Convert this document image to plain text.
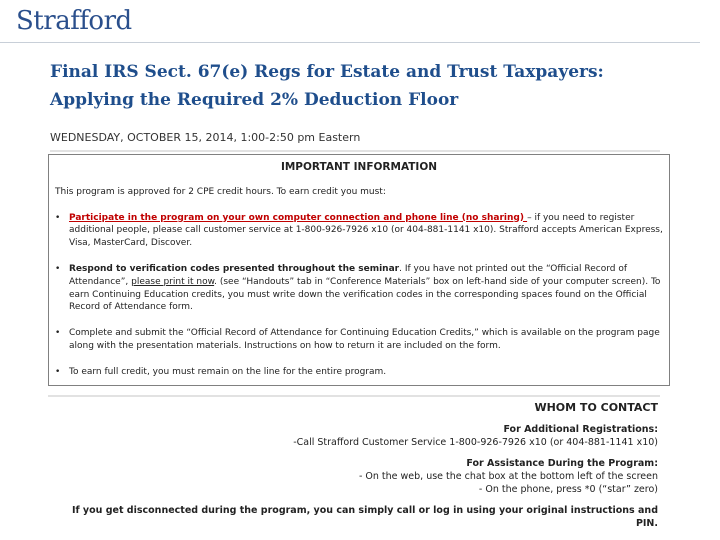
Strafford
Final IRS Sect. 67(e) Regs for Estate and Trust Taxpayers:
Applying the Required 2% Deduction Floor
WEDNESDAY, OCTOBER 15, 2014, 1:00-2:50 pm Eastern
IMPORTANT INFORMATION
This program is approved for 2 CPE credit hours. To earn credit you must:
• Participate in the program on your own computer connection and phone line (no sharing) – if you need to register additional people, please call customer service at 1-800-926-7926 x10 (or 404-881-1141 x10). Strafford accepts American Express, Visa, MasterCard, Discover.
• Respond to verification codes presented throughout the seminar. If you have not printed out the “Official Record of Attendance”, please print it now. (see “Handouts” tab in “Conference Materials” box on left-hand side of your computer screen). To earn Continuing Education credits, you must write down the verification codes in the corresponding spaces found on the Official Record of Attendance form.
• Complete and submit the “Official Record of Attendance for Continuing Education Credits,” which is available on the program page along with the presentation materials. Instructions on how to return it are included on the form.
• To earn full credit, you must remain on the line for the entire program.
WHOM TO CONTACT
For Additional Registrations:
-Call Strafford Customer Service 1-800-926-7926 x10 (or 404-881-1141 x10)
For Assistance During the Program:
- On the web, use the chat box at the bottom left of the screen
- On the phone, press *0 (“star” zero)
If you get disconnected during the program, you can simply call or log in using your original instructions and PIN.
